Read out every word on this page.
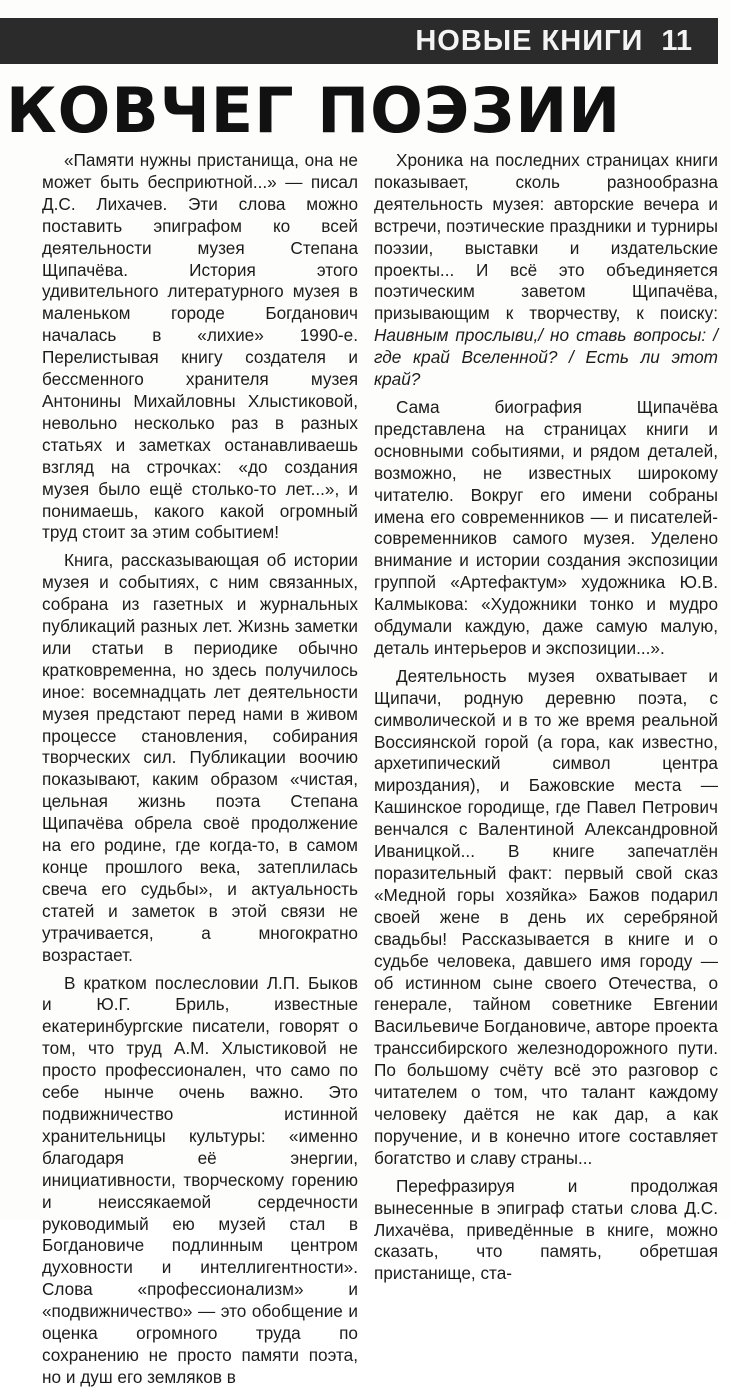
НОВЫЕ КНИГИ 11
КОВЧЕГ ПОЭЗИИ

«Памяти нужны пристанища, она не может быть бесприютной...» — писал Д.С. Лихачев. Эти слова можно поставить эпиграфом ко всей деятельности музея Степана Щипачёва. История этого удивительного литературного музея в маленьком городе Богданович началась в «лихие» 1990-е. Перелистывая книгу создателя и бессменного хранителя музея Антонины Михайловны Хлыстиковой, невольно несколько раз в разных статьях и заметках останавливаешь взгляд на строчках: «до создания музея было ещё столько-то лет...», и понимаешь, какого какой огромный труд стоит за этим событием!

Книга, рассказывающая об истории музея и событиях, с ним связанных, собрана из газетных и журнальных публикаций разных лет. Жизнь заметки или статьи в периодике обычно кратковременна, но здесь получилось иное: восемнадцать лет деятельности музея предстают перед нами в живом процессе становления, собирания творческих сил. Публикации воочию показывают, каким образом «чистая, цельная жизнь поэта Степана Щипачёва обрела своё продолжение на его родине, где когда-то, в самом конце прошлого века, затеплилась свеча его судьбы», и актуальность статей и заметок в этой связи не утрачивается, а многократно возрастает.

В кратком послесловии Л.П. Быков и Ю.Г. Бриль, известные екатеринбургские писатели, говорят о том, что труд А.М. Хлыстиковой не просто профессионален, что само по себе нынче очень важно. Это подвижничество истинной хранительницы культуры: «именно благодаря её энергии, инициативности, творческому горению и неиссякаемой сердечности руководимый ею музей стал в Богдановиче подлинным центром духовности и интеллигентности». Слова «профессионализм» и «подвижничество» — это обобщение и оценка огромного труда по сохранению не просто памяти поэта, но и душ его земляков в

Хроника на последних страницах книги показывает, сколь разнообразна деятельность музея: авторские вечера и встречи, поэтические праздники и турниры поэзии, выставки и издательские проекты... И всё это объединяется поэтическим заветом Щипачёва, призывающим к творчеству, к поиску: Наивным прослыви,/ но ставь вопросы: / где край Вселенной? / Есть ли этот край?

Сама биография Щипачёва представлена на страницах книги и основными событиями, и рядом деталей, возможно, не известных широкому читателю. Вокруг его имени собраны имена его современников — и писателей-современников самого музея. Уделено внимание и истории создания экспозиции группой «Артефактум» художника Ю.В. Калмыкова: «Художники тонко и мудро обдумали каждую, даже самую малую, деталь интерьеров и экспозиции...».

Деятельность музея охватывает и Щипачи, родную деревню поэта, с символической и в то же время реальной Воссиянской горой (а гора, как известно, архетипический символ центра мироздания), и Бажовские места — Кашинское городище, где Павел Петрович венчался с Валентиной Александровной Иваницкой... В книге запечатлён поразительный факт: первый свой сказ «Медной горы хозяйка» Бажов подарил своей жене в день их серебряной свадьбы! Рассказывается в книге и о судьбе человека, давшего имя городу — об истинном сыне своего Отечества, о генерале, тайном советнике Евгении Васильевиче Богдановиче, авторе проекта транссибирского железнодорожного пути. По большому счёту всё это разговор с читателем о том, что талант каждому человеку даётся не как дар, а как поручение, и в конечно итоге составляет богатство и славу страны...

Перефразируя и продолжая вынесенные в эпиграф статьи слова Д.С. Лихачёва, приведённые в книге, можно сказать, что память, обретшая пристанище, ста-
